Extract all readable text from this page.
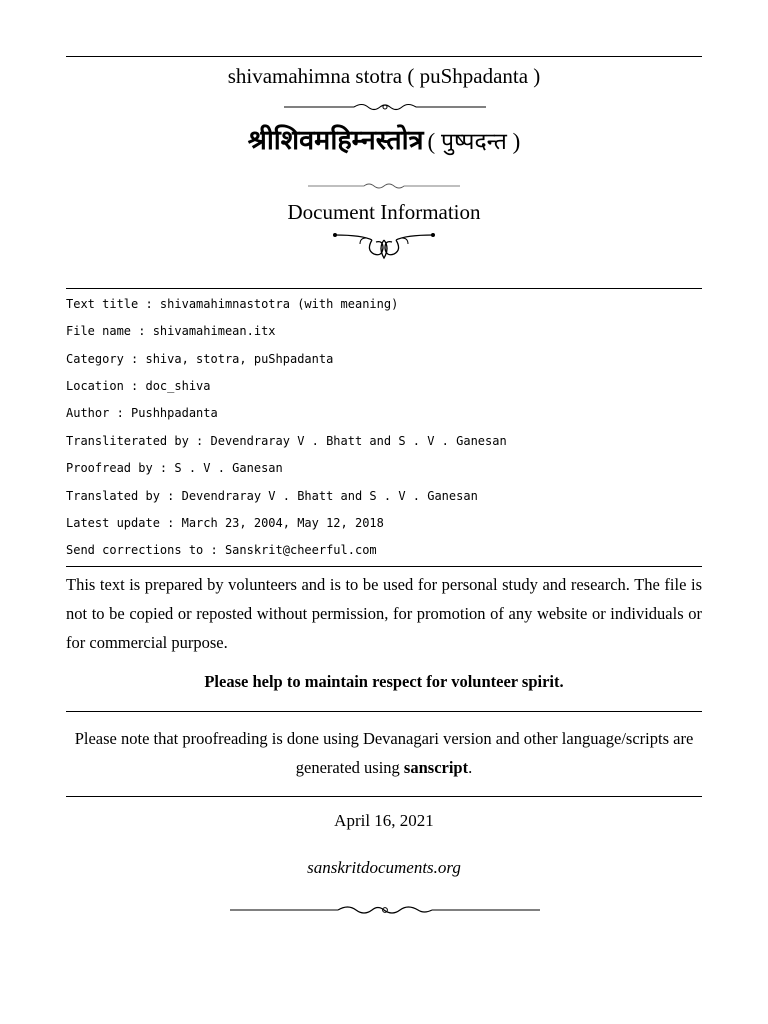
shivamahimna stotra ( puShpadanta )
श्रीशिवमहिम्नस्तोत्र ( पुष्पदन्त )
Document Information
Text title : shivamahimnastotra (with meaning)
File name : shivamahimean.itx
Category : shiva, stotra, puShpadanta
Location : doc_shiva
Author : Pushhpadanta
Transliterated by : Devendraray V . Bhatt and S . V . Ganesan
Proofread by : S . V . Ganesan
Translated by : Devendraray V . Bhatt and S . V . Ganesan
Latest update : March 23, 2004, May 12, 2018
Send corrections to : Sanskrit@cheerful.com
This text is prepared by volunteers and is to be used for personal study and research. The file is not to be copied or reposted without permission, for promotion of any website or individuals or for commercial purpose.
Please help to maintain respect for volunteer spirit.
Please note that proofreading is done using Devanagari version and other language/scripts are generated using sanscript.
April 16, 2021
sanskritdocuments.org
